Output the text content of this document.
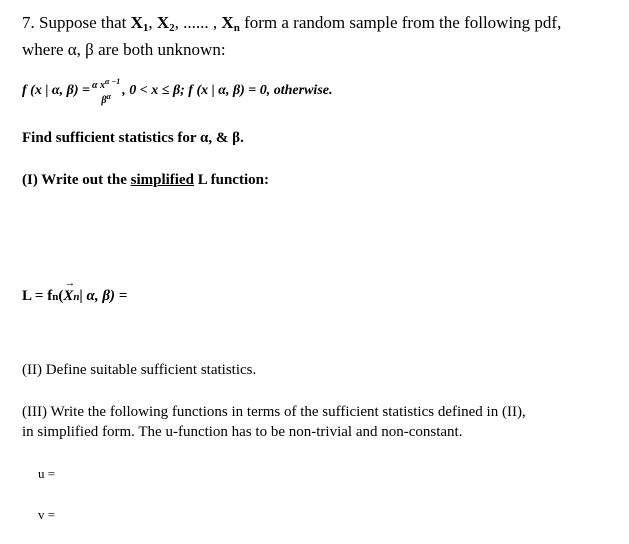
7. Suppose that $X_1$, $X_2$, ...... , $X_n$ form a random sample from the following pdf,
where α, β are both unknown:
f (x | α, β) = α $x^{\alpha -1}$
$\beta^\alpha$ , 0 < x ≤ β; f (x | α, β) = 0, otherwise.
Find sufficient statistics for α, & β.
(I) Write out the simplified L function:
L = f n (
→ X n | α, β) =
(II) Define suitable sufficient statistics.
(III) Write the following functions in terms of the sufficient statistics defined in (II),
in simplified form. The u-function has to be non-trivial and non-constant.
u =
v =
